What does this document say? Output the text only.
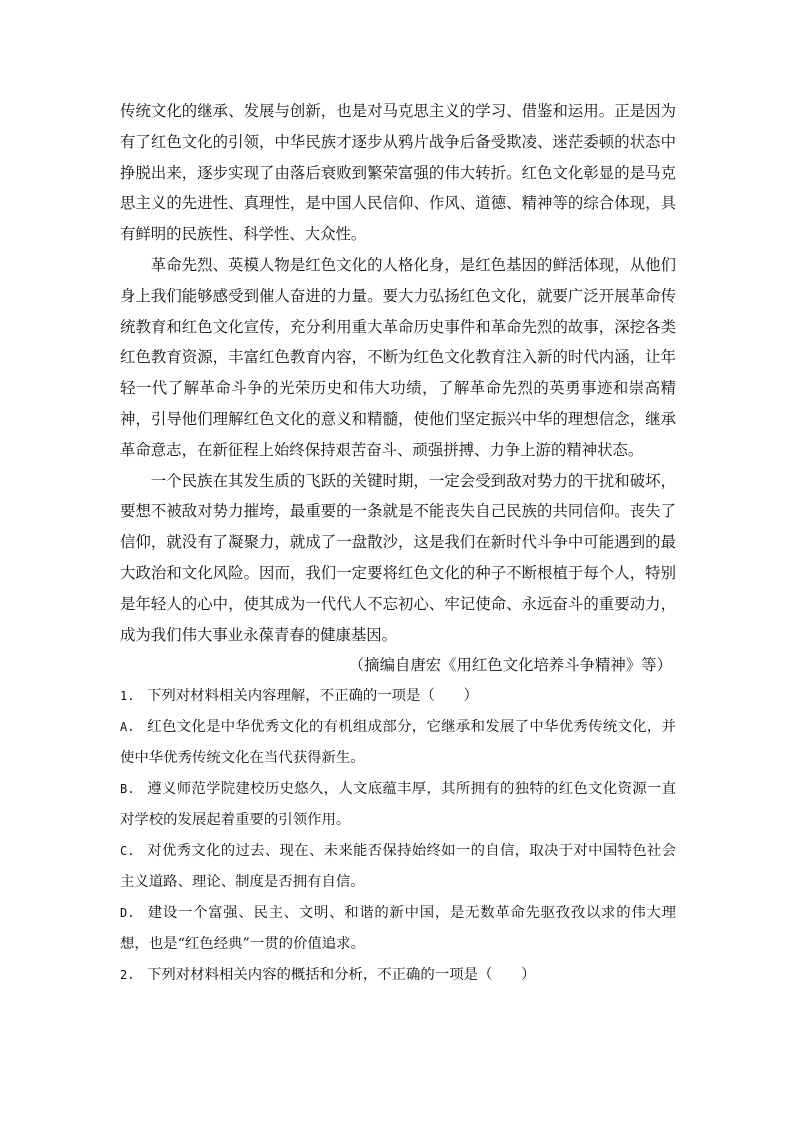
传统文化的继承、发展与创新，也是对马克思主义的学习、借鉴和运用。正是因为有了红色文化的引领，中华民族才逐步从鸦片战争后备受欺凌、迷茫委顿的状态中挣脱出来，逐步实现了由落后衰败到繁荣富强的伟大转折。红色文化彰显的是马克思主义的先进性、真理性，是中国人民信仰、作风、道德、精神等的综合体现，具有鲜明的民族性、科学性、大众性。

革命先烈、英模人物是红色文化的人格化身，是红色基因的鲜活体现，从他们身上我们能够感受到催人奋进的力量。要大力弘扬红色文化，就要广泛开展革命传统教育和红色文化宣传，充分利用重大革命历史事件和革命先烈的故事，深挖各类红色教育资源，丰富红色教育内容，不断为红色文化教育注入新的时代内涵，让年轻一代了解革命斗争的光荣历史和伟大功绩，了解革命先烈的英勇事迹和崇高精神，引导他们理解红色文化的意义和精髓，使他们坚定振兴中华的理想信念，继承革命意志，在新征程上始终保持艰苦奋斗、顽强拼搏、力争上游的精神状态。

一个民族在其发生质的飞跃的关键时期，一定会受到敌对势力的干扰和破坏，要想不被敌对势力摧垮，最重要的一条就是不能丧失自己民族的共同信仰。丧失了信仰，就没有了凝聚力，就成了一盘散沙，这是我们在新时代斗争中可能遇到的最大政治和文化风险。因而，我们一定要将红色文化的种子不断根植于每个人，特别是年轻人的心中，使其成为一代代人不忘初心、牢记使命、永远奋斗的重要动力，成为我们伟大事业永葆青春的健康基因。

（摘编自唐宏《用红色文化培养斗争精神》等）

1. 下列对材料相关内容理解，不正确的一项是（　　）

A. 红色文化是中华优秀文化的有机组成部分，它继承和发展了中华优秀传统文化，并使中华优秀传统文化在当代获得新生。

B. 遵义师范学院建校历史悠久，人文底蕴丰厚，其所拥有的独特的红色文化资源一直对学校的发展起着重要的引领作用。

C. 对优秀文化的过去、现在、未来能否保持始终如一的自信，取决于对中国特色社会主义道路、理论、制度是否拥有自信。

D. 建设一个富强、民主、文明、和谐的新中国，是无数革命先驱孜孜以求的伟大理想，也是“红色经典”一贯的价值追求。

2. 下列对材料相关内容的概括和分析，不正确的一项是（　　）
